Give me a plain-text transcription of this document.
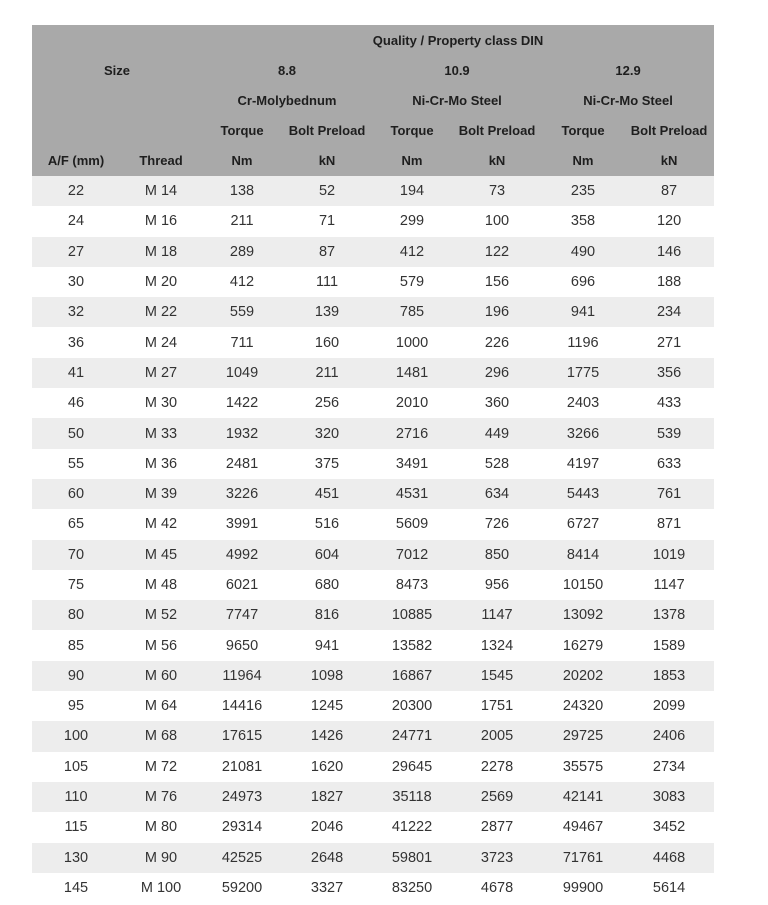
Size		Quality / Property class DIN					
		8.8		10.9		12.9	
		Cr-Molybednum		Ni-Cr-Mo Steel		Ni-Cr-Mo Steel	
		Torque	Bolt Preload	Torque	Bolt Preload	Torque	Bolt Preload
A/F (mm)	Thread	Nm	kN	Nm	kN	Nm	kN
22	M 14	138	52	194	73	235	87
24	M 16	211	71	299	100	358	120
27	M 18	289	87	412	122	490	146
30	M 20	412	111	579	156	696	188
32	M 22	559	139	785	196	941	234
36	M 24	711	160	1000	226	1196	271
41	M 27	1049	211	1481	296	1775	356
46	M 30	1422	256	2010	360	2403	433
50	M 33	1932	320	2716	449	3266	539
55	M 36	2481	375	3491	528	4197	633
60	M 39	3226	451	4531	634	5443	761
65	M 42	3991	516	5609	726	6727	871
70	M 45	4992	604	7012	850	8414	1019
75	M 48	6021	680	8473	956	10150	1147
80	M 52	7747	816	10885	1147	13092	1378
85	M 56	9650	941	13582	1324	16279	1589
90	M 60	11964	1098	16867	1545	20202	1853
95	M 64	14416	1245	20300	1751	24320	2099
100	M 68	17615	1426	24771	2005	29725	2406
105	M 72	21081	1620	29645	2278	35575	2734
110	M 76	24973	1827	35118	2569	42141	3083
115	M 80	29314	2046	41222	2877	49467	3452
130	M 90	42525	2648	59801	3723	71761	4468
145	M 100	59200	3327	83250	4678	99900	5614
